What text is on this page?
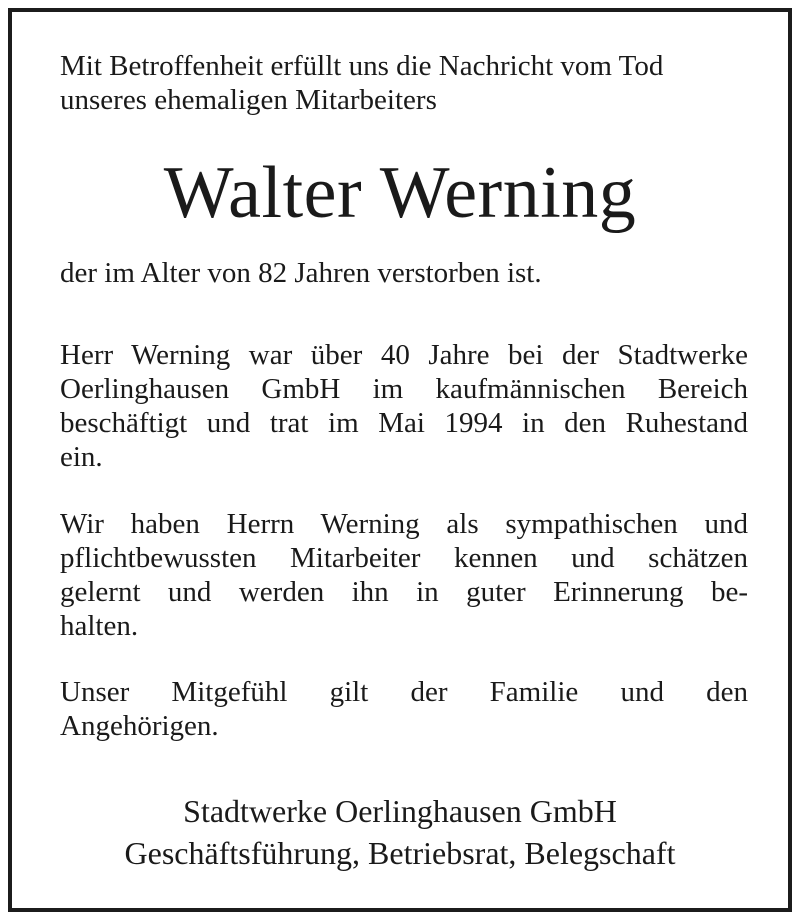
Mit Betroffenheit erfüllt uns die Nachricht vom Tod
unseres ehemaligen Mitarbeiters
Walter Werning
der im Alter von 82 Jahren verstorben ist.
Herr Werning war über 40 Jahre bei der Stadtwerke
Oerlinghausen GmbH im kaufmännischen Bereich
beschäftigt und trat im Mai 1994 in den Ruhestand
ein.
Wir haben Herrn Werning als sympathischen und
pflichtbewussten Mitarbeiter kennen und schätzen
gelernt und werden ihn in guter Erinnerung be-
halten.
Unser Mitgefühl gilt der Familie und den
Angehörigen.
Stadtwerke Oerlinghausen GmbH
Geschäftsführung, Betriebsrat, Belegschaft
